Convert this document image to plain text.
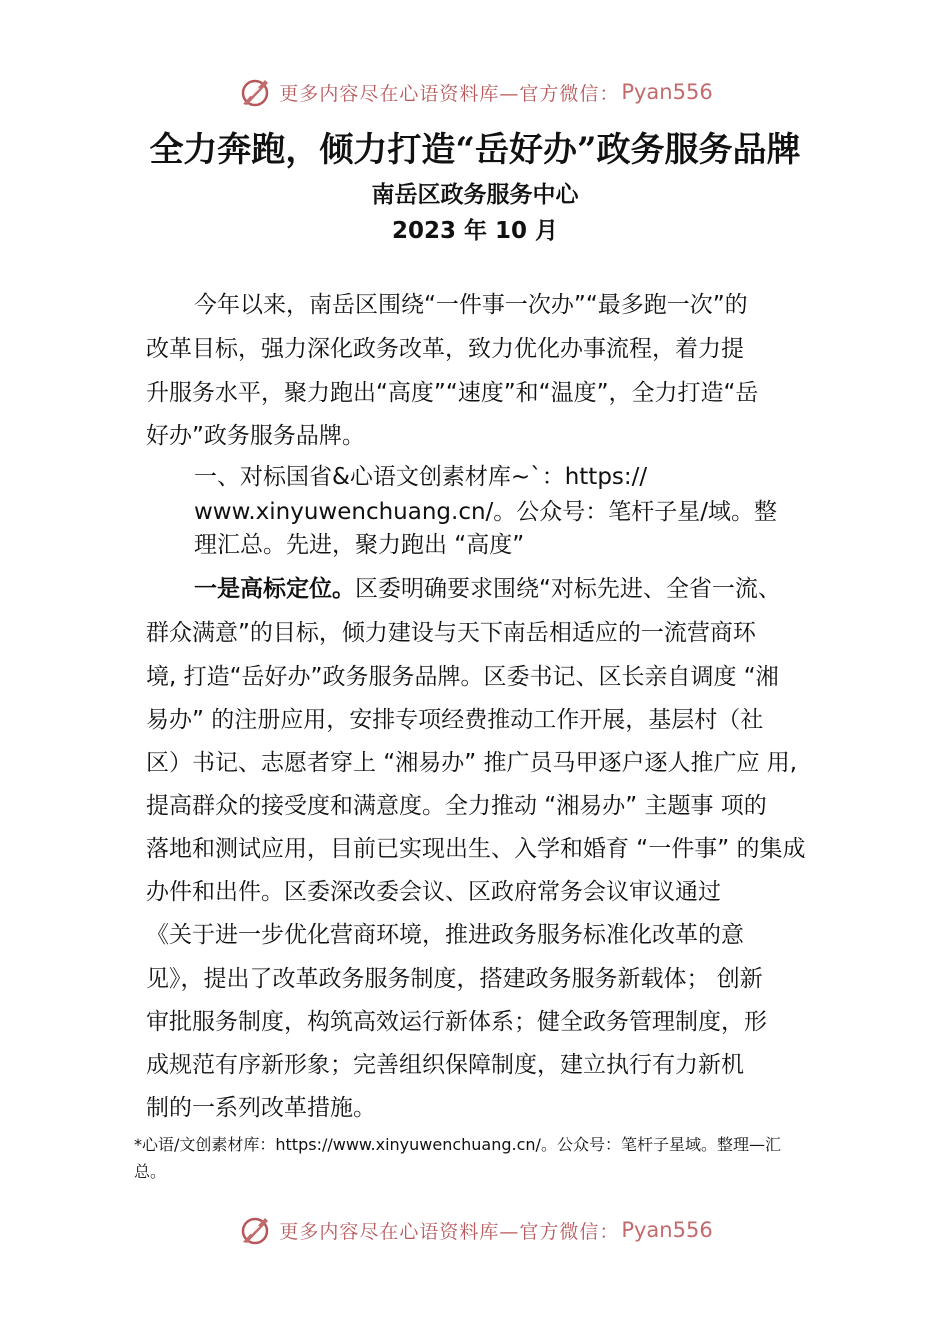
更多内容尽在心语资料库—官方微信： Pyan556
全力奔跑，倾力打造“岳好办”政务服务品牌
南岳区政务服务中心
2023 年 10 月
今年以来，南岳区围绕“一件事一次办”“最多跑一次”的
改革目标，强力深化政务改革，致力优化办事流程，着力提
升服务水平，聚力跑出“高度”“速度”和“温度”，全力打造“岳
好办”政务服务品牌。
一、对标国省&心语文创素材库~`：https://
www.xinyuwenchuang.cn/。公众号：笔杆子星/域。整
理汇总。先进，聚力跑出 “高度”
一是高标定位。区委明确要求围绕“对标先进、全省一流、
群众满意”的目标，倾力建设与天下南岳相适应的一流营商环
境, 打造“岳好办”政务服务品牌。区委书记、区长亲自调度 “湘
易办” 的注册应用，安排专项经费推动工作开展，基层村（社
区）书记、志愿者穿上 “湘易办” 推广员马甲逐户逐人推广应 用,
提高群众的接受度和满意度。全力推动 “湘易办” 主题事 项的
落地和测试应用，目前已实现出生、入学和婚育 “一件事” 的集成
办件和出件。区委深改委会议、区政府常务会议审议通过
《关于进一步优化营商环境，推进政务服务标准化改革的意
见》，提出了改革政务服务制度，搭建政务服务新载体； 创新
审批服务制度，构筑高效运行新体系；健全政务管理制度，形
成规范有序新形象；完善组织保障制度，建立执行有力新机
制的一系列改革措施。
*心语/文创素材库：https://www.xinyuwenchuang.cn/。公众号：笔杆子星域。整理—汇
总。
更多内容尽在心语资料库—官方微信： Pyan556
